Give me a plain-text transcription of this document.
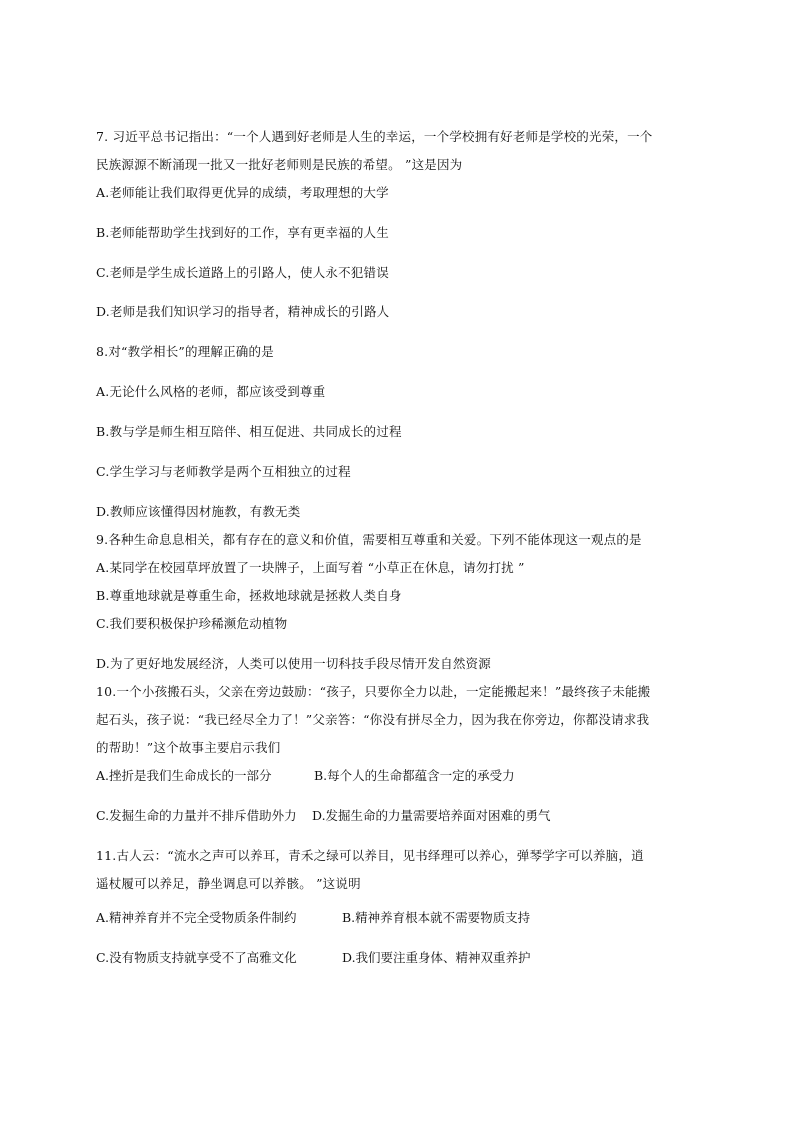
7. 习近平总书记指出：“一个人遇到好老师是人生的幸运，一个学校拥有好老师是学校的光荣，一个
民族源源不断涌现一批又一批好老师则是民族的希望。 ”这是因为
A.老师能让我们取得更优异的成绩，考取理想的大学
B.老师能帮助学生找到好的工作，享有更幸福的人生
C.老师是学生成长道路上的引路人，使人永不犯错误
D.老师是我们知识学习的指导者，精神成长的引路人
8.对“教学相长”的理解正确的是
A.无论什么风格的老师，都应该受到尊重
B.教与学是师生相互陪伴、相互促进、共同成长的过程
C.学生学习与老师教学是两个互相独立的过程
D.教师应该懂得因材施教，有教无类
9.各种生命息息相关，都有存在的意义和价值，需要相互尊重和关爱。下列不能体现这一观点的是
A.某同学在校园草坪放置了一块牌子，上面写着 “小草正在休息，请勿打扰 ”
B.尊重地球就是尊重生命，拯救地球就是拯救人类自身
C.我们要积极保护珍稀濒危动植物
D.为了更好地发展经济，人类可以使用一切科技手段尽情开发自然资源
10.一个小孩搬石头，父亲在旁边鼓励：“孩子，只要你全力以赴，一定能搬起来！”最终孩子未能搬
起石头，孩子说：“我已经尽全力了！”父亲答：“你没有拼尽全力，因为我在你旁边，你都没请求我
的帮助！”这个故事主要启示我们
A.挫折是我们生命成长的一部分	B.每个人的生命都蕴含一定的承受力
C.发掘生命的力量并不排斥借助外力 D.发掘生命的力量需要培养面对困难的勇气
11.古人云：“流水之声可以养耳，青禾之绿可以养目，见书绎理可以养心，弹琴学字可以养脑，逍
遥杖履可以养足，静坐调息可以养骸。 ”这说明
A.精神养育并不完全受物质条件制约	B.精神养育根本就不需要物质支持
C.没有物质支持就享受不了高雅文化	D.我们要注重身体、精神双重养护
